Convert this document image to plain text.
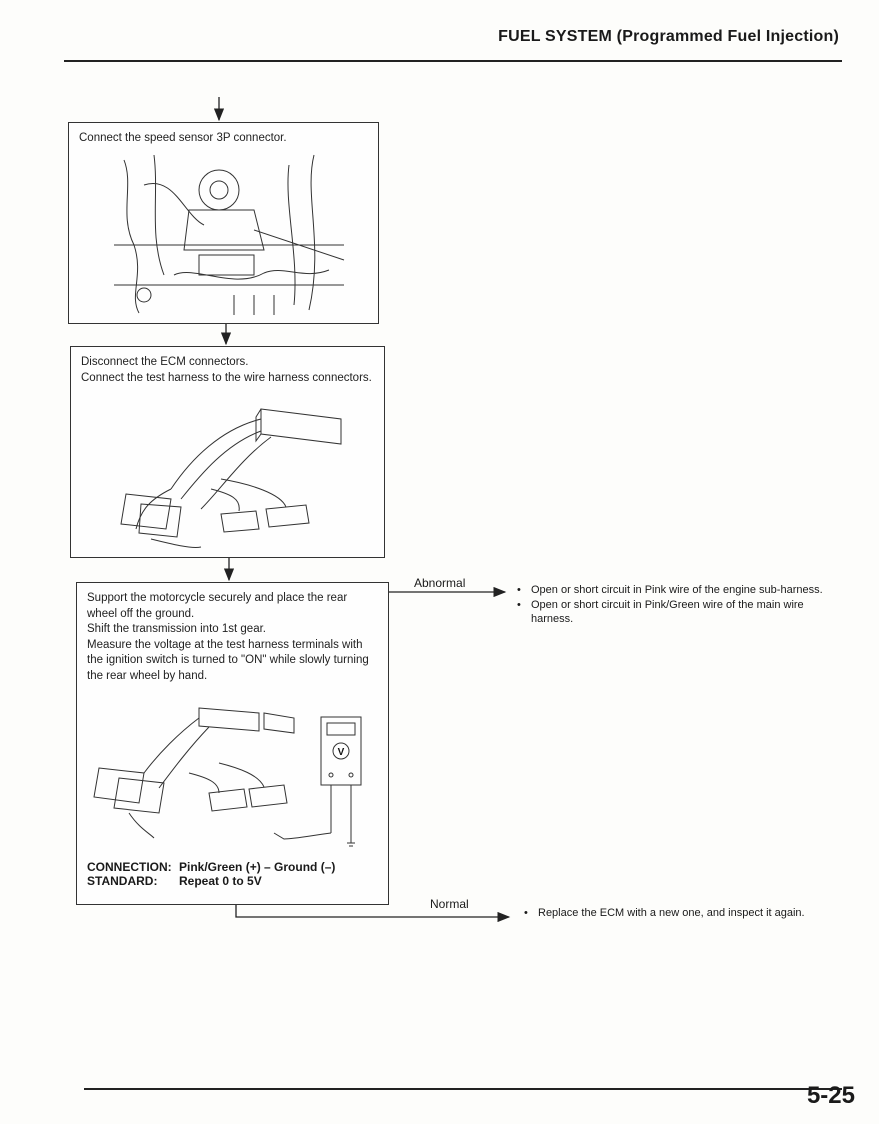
FUEL SYSTEM (Programmed Fuel Injection)

Connect the speed sensor 3P connector.

Disconnect the ECM connectors.
Connect the test harness to the wire harness connectors.
Support the motorcycle securely and place the rear wheel off the ground.
Shift the transmission into 1st gear.
Measure the voltage at the test harness terminals with the ignition switch is turned to "ON" while slowly turning the rear wheel by hand.
V
CONNECTION: Pink/Green (+) – Ground (–)
STANDARD: Repeat 0 to 5V
Abnormal
•	Open or short circuit in Pink wire of the engine sub-harness.
• Open or short circuit in Pink/Green wire of the main wire harness.
Normal
• Replace the ECM with a new one, and inspect it again.
5-25
